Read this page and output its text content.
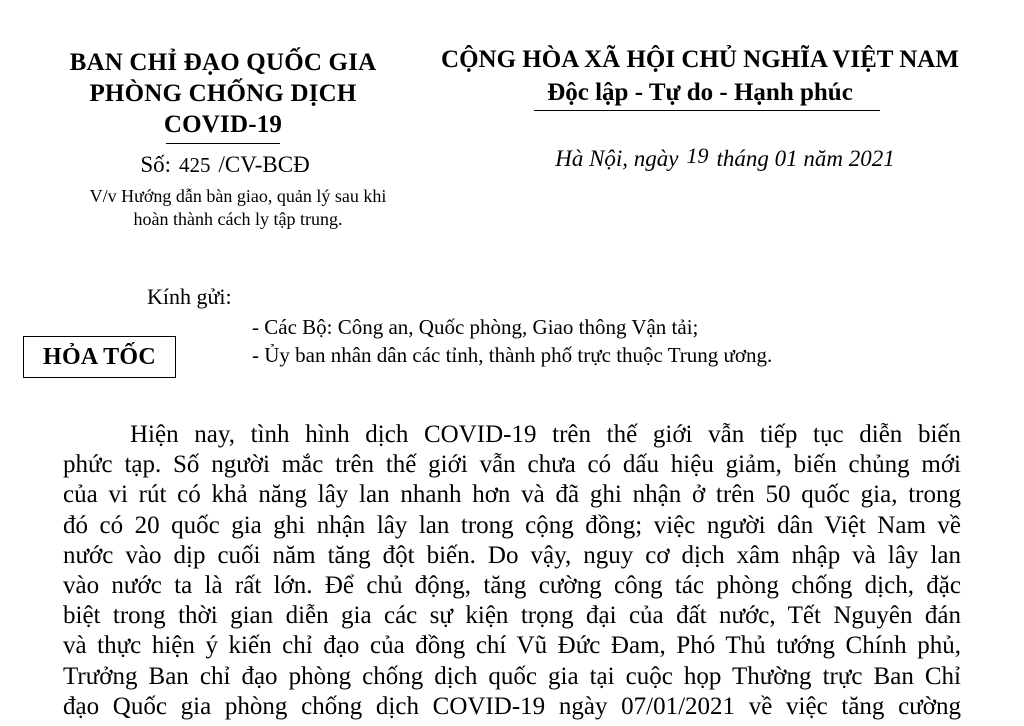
BAN CHỈ ĐẠO QUỐC GIA
PHÒNG CHỐNG DỊCH
COVID-19
CỘNG HÒA XÃ HỘI CHỦ NGHĨA VIỆT NAM
Độc lập - Tự do - Hạnh phúc
Số: 425 /CV-BCĐ	Hà Nội, ngày 19 tháng 01 năm 2021
V/v Hướng dẫn bàn giao, quản lý sau khi
hoàn thành cách ly tập trung.
Kính gửi:
- Các Bộ: Công an, Quốc phòng, Giao thông Vận tải;
- Ủy ban nhân dân các tỉnh, thành phố trực thuộc Trung ương.
HỎA TỐC
Hiện nay, tình hình dịch COVID-19 trên thế giới vẫn tiếp tục diễn biến
phức tạp. Số người mắc trên thế giới vẫn chưa có dấu hiệu giảm, biến chủng mới
của vi rút có khả năng lây lan nhanh hơn và đã ghi nhận ở trên 50 quốc gia, trong
đó có 20 quốc gia ghi nhận lây lan trong cộng đồng; việc người dân Việt Nam về
nước vào dịp cuối năm tăng đột biến. Do vậy, nguy cơ dịch xâm nhập và lây lan
vào nước ta là rất lớn. Để chủ động, tăng cường công tác phòng chống dịch, đặc
biệt trong thời gian diễn gia các sự kiện trọng đại của đất nước, Tết Nguyên đán
và thực hiện ý kiến chỉ đạo của đồng chí Vũ Đức Đam, Phó Thủ tướng Chính phủ,
Trưởng Ban chỉ đạo phòng chống dịch quốc gia tại cuộc họp Thường trực Ban Chỉ
đạo Quốc gia phòng chống dịch COVID-19 ngày 07/01/2021 về việc tăng cường
